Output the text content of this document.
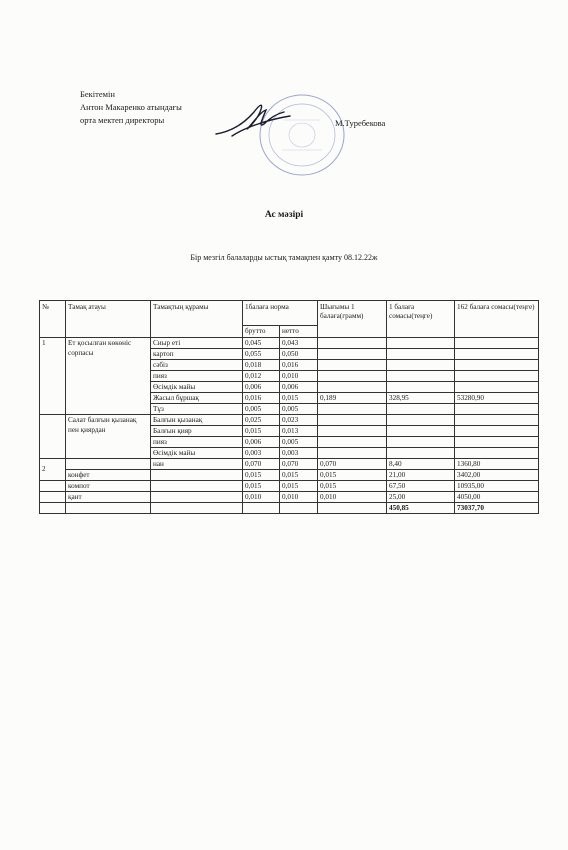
Бекітемін
Антон Макаренко атындағы
орта мектеп директоры	М.Туребекова
Ас мәзірі
Бір мезгіл балаларды ыстық тамақпен қамту 08.12.22ж
№	Тамақ атауы	Тамақтың құрамы	1балаға норма		Шығымы 1 балаға(грамм)	1 балаға сомасы(теңге)	162 балаға сомасы(теңге)
			брутто	нетто			
1	Ет қосылған көкөніс сорпасы	Сиыр еті	0,045	0,043			
		картоп	0,055	0,050			
		сәбіз	0,018	0,016			
		пияз	0,012	0,010			
		Өсімдік майы	0,006	0,006			
		Жасыл бұршақ	0,016	0,015	0,189	328,95	53280,90
		Тұз	0,005	0,005			
	Салат балғын қызанақ пен қиярдан	Балғын қызанақ	0,025	0,023			
		Балғын қияр	0,015	0,013			
		пияз	0,006	0,005			
		Өсімдік майы	0,003	0,003			
2		нан	0,070	0,070	0,070	8,40	1360,80
	конфет		0,015	0,015	0,015	21,00	3402,00
	компот		0,015	0,015	0,015	67,50	10935,00
	қант		0,010	0,010	0,010	25,00	4050,00
						450,85	73037,70
